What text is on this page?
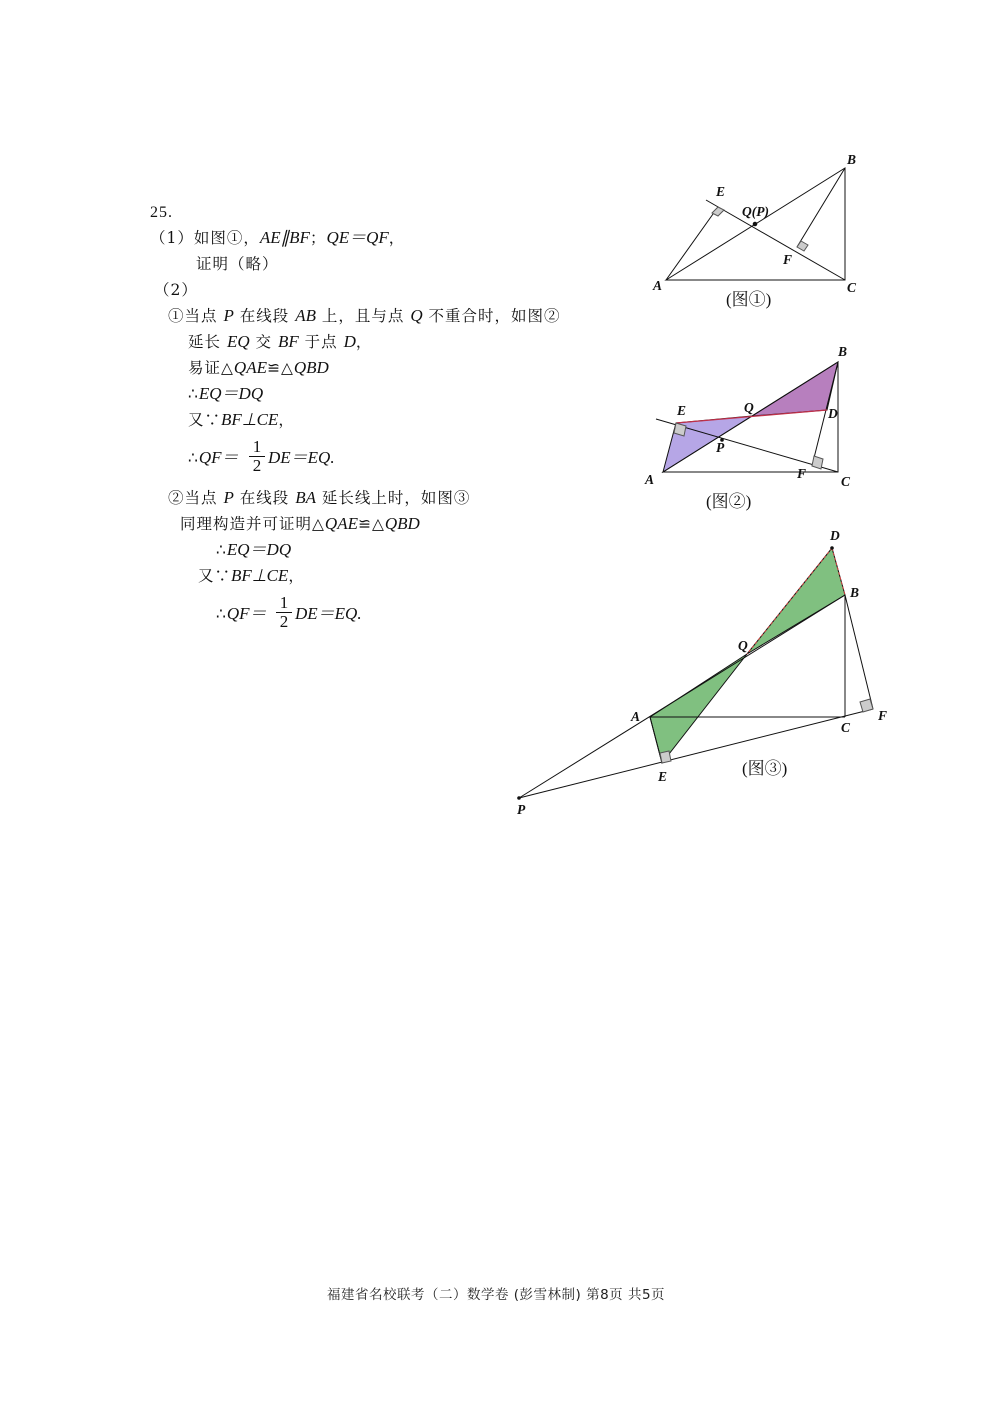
25.
（1）如图①，AE∥BF；QE＝QF，
证明（略）
（2）
①当点 P 在线段 AB 上，且与点 Q 不重合时，如图②
延长 EQ 交 BF 于点 D，
易证△QAE≌△QBD
∴EQ＝DQ
又∵BF⊥CE，
∴QF＝ $\frac{1}{2} DE=EQ$.
②当点 P 在线段 BA 延长线上时，如图③
同理构造并可证明△QAE≌△QBD
∴EQ＝DQ
又∵BF⊥CE，
∴QF＝ $\frac{1}{2} DE=EQ$.
A
B
C
E
F
Q(P)
(图①)
A
B
C
D
E
F
P
Q
(图②)
A
B
C
D
E
F
P
Q
(图③)
福建省名校联考（二）数学卷 (彭雪林制) 第8页 共5页
